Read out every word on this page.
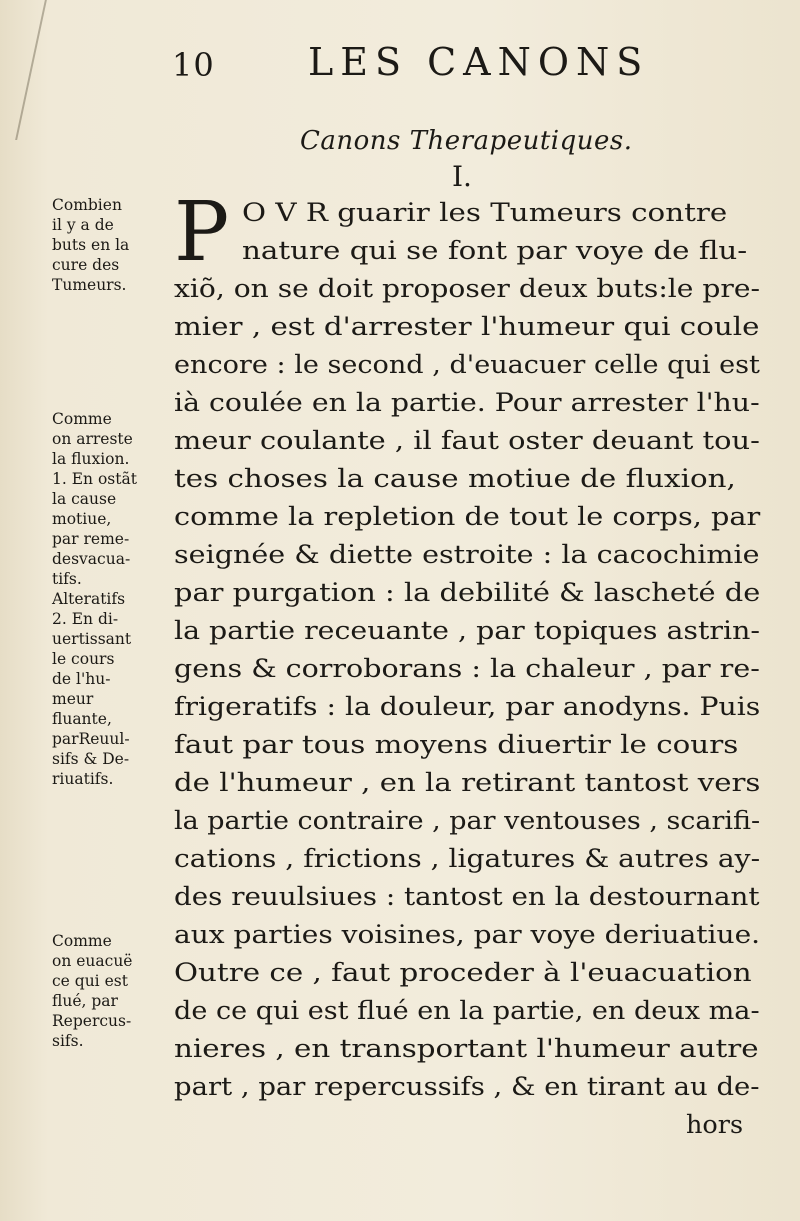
10 LES CANONS
Canons Therapeutiques.
I.
P
Combien
il y a de
buts en la
cure des
Tumeurs.
Comme
on arreste
la fluxion.
1. En ostãt
la cause
motiue,
par reme-
desvacua-
tifs.
Alteratifs
2. En di-
uertissant
le cours
de l'hu-
meur
fluante,
parReuul-
sifs & De-
riuatifs.
Comme
on euacuë
ce qui est
flué, par
Repercus-
sifs.
O V R guarir les Tumeurs contre
nature qui se font par voye de flu-
xiõ, on se doit proposer deux buts:le pre-
mier , est d'arrester l'humeur qui coule
encore : le second , d'euacuer celle qui est
ià coulée en la partie. Pour arrester l'hu-
meur coulante , il faut oster deuant tou-
tes choses la cause motiue de fluxion,
comme la repletion de tout le corps, par
seignée & diette estroite : la cacochimie
par purgation : la debilité & lascheté de
la partie receuante , par topiques astrin-
gens & corroborans : la chaleur , par re-
frigeratifs : la douleur, par anodyns. Puis
faut par tous moyens diuertir le cours
de l'humeur , en la retirant tantost vers
la partie contraire , par ventouses , scarifi-
cations , frictions , ligatures & autres ay-
des reuulsiues : tantost en la destournant
aux parties voisines, par voye deriuatiue.
Outre ce , faut proceder à l'euacuation
de ce qui est flué en la partie, en deux ma-
nieres , en transportant l'humeur autre
part , par repercussifs , & en tirant au de-
hors
